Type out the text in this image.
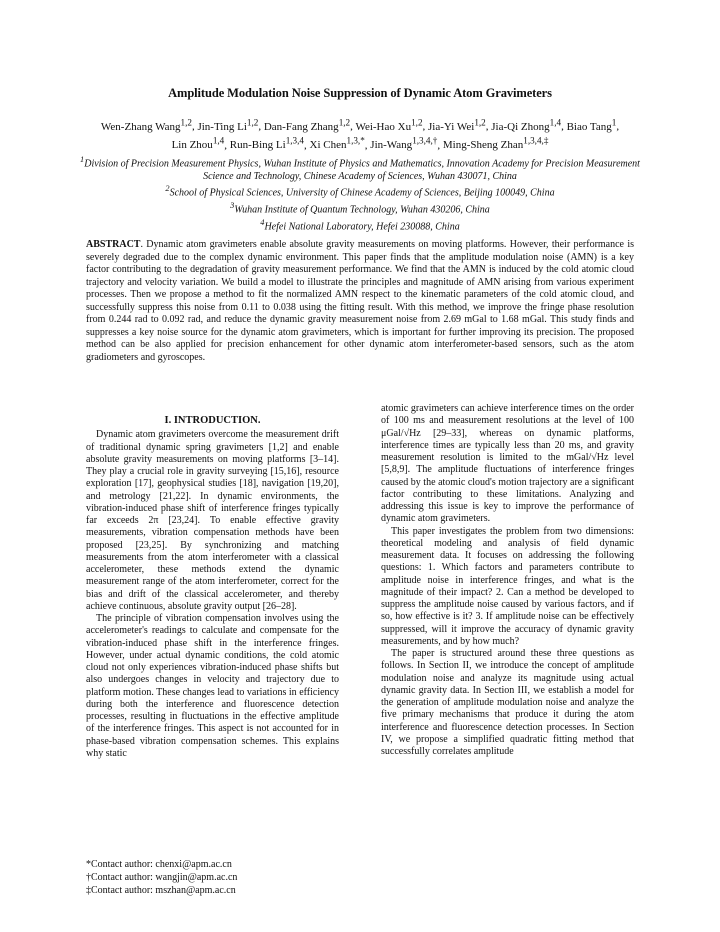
Amplitude Modulation Noise Suppression of Dynamic Atom Gravimeters
Wen-Zhang Wang$^{1,2}$, Jin-Ting Li$^{1,2}$, Dan-Fang Zhang$^{1,2}$, Wei-Hao Xu$^{1,2}$, Jia-Yi Wei$^{1,2}$, Jia-Qi Zhong$^{1,4}$, Biao Tang$^1$,
Lin Zhou$^{1,4}$, Run-Bing Li$^{1,3,4}$, Xi Chen$^{1,3,*}$, Jin-Wang$^{1,3,4,\dagger}$, Ming-Sheng Zhan$^{1,3,4,\ddagger}$
$^1$Division of Precision Measurement Physics, Wuhan Institute of Physics and Mathematics, Innovation Academy for Precision Measurement Science and Technology, Chinese Academy of Sciences, Wuhan 430071, China
$^2$School of Physical Sciences, University of Chinese Academy of Sciences, Beijing 100049, China
$^3$Wuhan Institute of Quantum Technology, Wuhan 430206, China
$^4$Hefei National Laboratory, Hefei 230088, China
ABSTRACT. Dynamic atom gravimeters enable absolute gravity measurements on moving platforms. However, their performance is severely degraded due to the complex dynamic environment. This paper finds that the amplitude modulation noise (AMN) is a key factor contributing to the degradation of gravity measurement performance. We find that the AMN is induced by the cold atomic cloud trajectory and velocity variation. We build a model to illustrate the principles and magnitude of AMN arising from various experiment processes. Then we propose a method to fit the normalized AMN respect to the kinematic parameters of the cold atomic cloud, and successfully suppress this noise from 0.11 to 0.038 using the fitting result. With this method, we improve the fringe phase resolution from 0.244 rad to 0.092 rad, and reduce the dynamic gravity measurement noise from 2.69 mGal to 1.68 mGal. This study finds and suppresses a key noise source for the dynamic atom gravimeters, which is important for further improving its precision. The proposed method can be also applied for precision enhancement for other dynamic atom interferometer-based sensors, such as the atom gradiometers and gyroscopes.
I. INTRODUCTION.

Dynamic atom gravimeters overcome the measurement drift of traditional dynamic spring gravimeters [1,2] and enable absolute gravity measurements on moving platforms [3–14]. They play a crucial role in gravity surveying [15,16], resource exploration [17], geophysical studies [18], navigation [19,20], and metrology [21,22]. In dynamic environments, the vibration-induced phase shift of interference fringes typically far exceeds 2π [23,24]. To enable effective gravity measurements, vibration compensation methods have been proposed [23,25]. By synchronizing and matching measurements from the atom interferometer with a classical accelerometer, these methods extend the dynamic measurement range of the atom interferometer, correct for the bias and drift of the classical accelerometer, and thereby achieve continuous, absolute gravity output [26–28].

The principle of vibration compensation involves using the accelerometer's readings to calculate and compensate for the vibration-induced phase shift in the interference fringes. However, under actual dynamic conditions, the cold atomic cloud not only experiences vibration-induced phase shifts but also undergoes changes in velocity and trajectory due to platform motion. These changes lead to variations in efficiency during both the interference and fluorescence detection processes, resulting in fluctuations in the effective amplitude of the interference fringes. This aspect is not accounted for in phase-based vibration compensation schemes. This explains why static

atomic gravimeters can achieve interference times on the order of 100 ms and measurement resolutions at the level of 100 μGal/√Hz [29–33], whereas on dynamic platforms, interference times are typically less than 20 ms, and gravity measurement resolution is limited to the mGal/√Hz level [5,8,9]. The amplitude fluctuations of interference fringes caused by the atomic cloud's motion trajectory are a significant factor contributing to these limitations. Analyzing and addressing this issue is key to improve the performance of dynamic atom gravimeters.

This paper investigates the problem from two dimensions: theoretical modeling and analysis of field dynamic measurement data. It focuses on addressing the following questions: 1. Which factors and parameters contribute to amplitude noise in interference fringes, and what is the magnitude of their impact? 2. Can a method be developed to suppress the amplitude noise caused by various factors, and if so, how effective is it? 3. If amplitude noise can be effectively suppressed, will it improve the accuracy of dynamic gravity measurements, and by how much?

The paper is structured around these three questions as follows. In Section II, we introduce the concept of amplitude modulation noise and analyze its magnitude using actual dynamic gravity data. In Section III, we establish a model for the generation of amplitude modulation noise and analyze the five primary mechanisms that produce it during the atom interference and fluorescence detection processes. In Section IV, we propose a simplified quadratic fitting method that successfully correlates amplitude

*Contact author: chenxi@apm.ac.cn
†Contact author: wangjin@apm.ac.cn
‡Contact author: mszhan@apm.ac.cn
